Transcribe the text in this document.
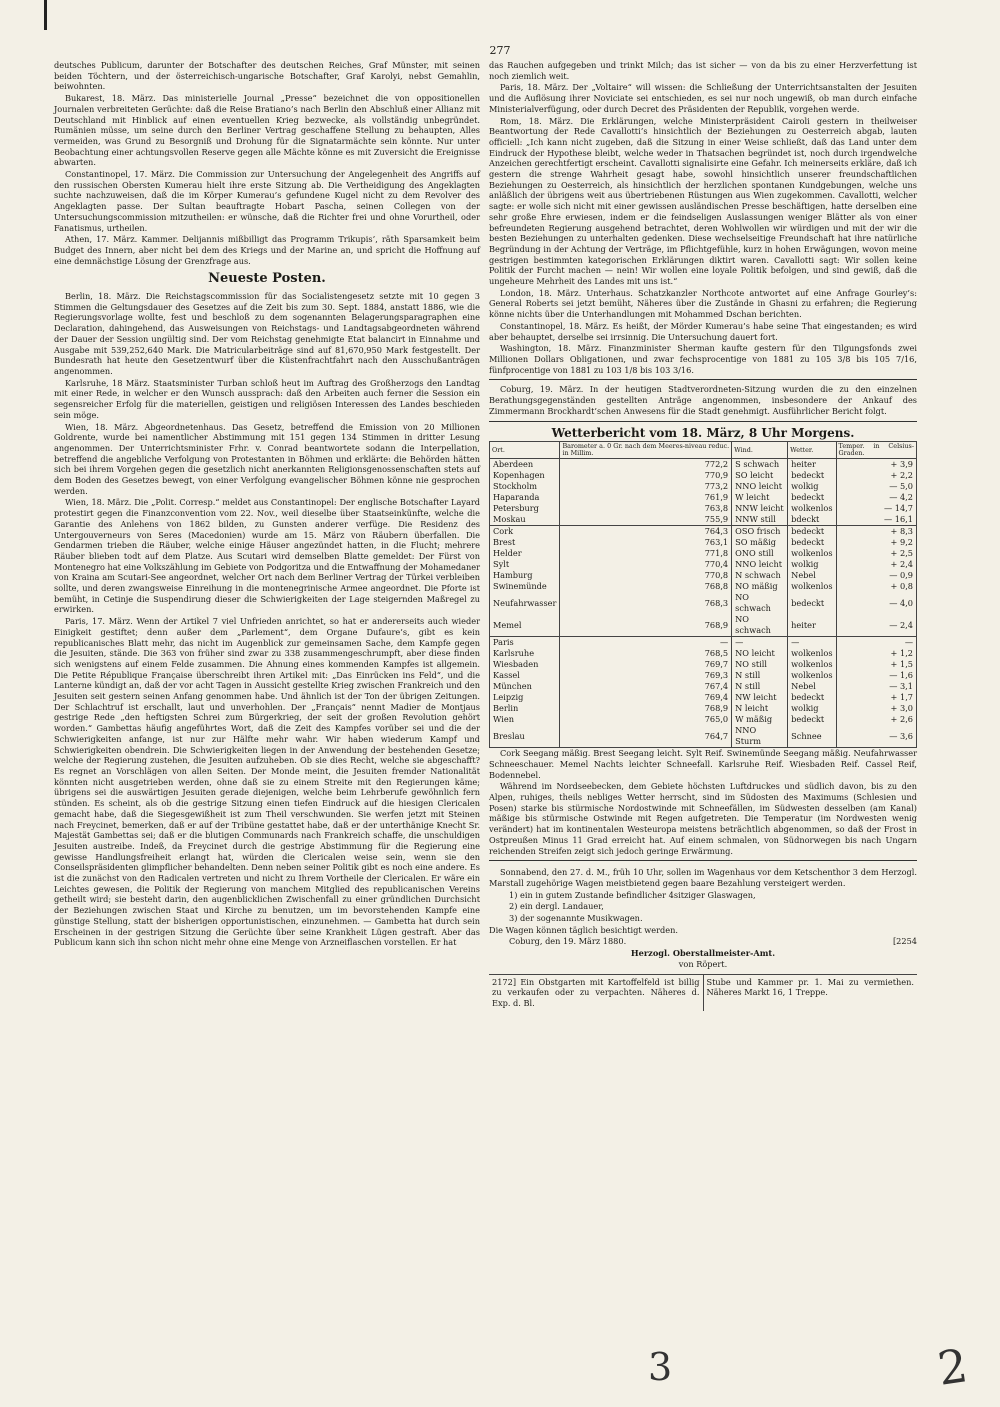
277

deutsches Publicum, darunter der Botschafter des deutschen Reiches, Graf Münster, mit seinen beiden Töchtern, und der österreichisch-ungarische Botschafter, Graf Karolyi, nebst Gemahlin, beiwohnten.

Bukarest, 18. März. Das ministerielle Journal „Presse“ bezeichnet die von oppositionellen Journalen verbreiteten Gerüchte: daß die Reise Bratiano’s nach Berlin den Abschluß einer Allianz mit Deutschland mit Hinblick auf einen eventuellen Krieg bezwecke, als vollständig unbegründet. Rumänien müsse, um seine durch den Berliner Vertrag geschaffene Stellung zu behaupten, Alles vermeiden, was Grund zu Besorgniß und Drohung für die Signatarmächte sein könnte. Nur unter Beobachtung einer achtungsvollen Reserve gegen alle Mächte könne es mit Zuversicht die Ereignisse abwarten.

Constantinopel, 17. März. Die Commission zur Untersuchung der Angelegenheit des Angriffs auf den russischen Obersten Kumerau hielt ihre erste Sitzung ab. Die Vertheidigung des Angeklagten suchte nachzuweisen, daß die im Körper Kumerau’s gefundene Kugel nicht zu dem Revolver des Angeklagten passe. Der Sultan beauftragte Hobart Pascha, seinen Collegen von der Untersuchungscommission mitzutheilen: er wünsche, daß die Richter frei und ohne Vorurtheil, oder Fanatismus, urtheilen.

Athen, 17. März. Kammer. Delijannis mißbilligt das Programm Trikupis’, räth Sparsamkeit beim Budget des Innern, aber nicht bei dem des Kriegs und der Marine an, und spricht die Hoffnung auf eine demnächstige Lösung der Grenzfrage aus.

Neueste Posten.

Berlin, 18. März. Die Reichstagscommission für das Socialistengesetz setzte mit 10 gegen 3 Stimmen die Geltungsdauer des Gesetzes auf die Zeit bis zum 30. Sept. 1884, anstatt 1886, wie die Regierungsvorlage wollte, fest und beschloß zu dem sogenannten Belagerungsparagraphen eine Declaration, dahingehend, das Ausweisungen von Reichstags- und Landtagsabgeordneten während der Dauer der Session ungültig sind. Der vom Reichstag genehmigte Etat balancirt in Einnahme und Ausgabe mit 539,252,640 Mark. Die Matricularbeiträge sind auf 81,670,950 Mark festgestellt. Der Bundesrath hat heute den Gesetzentwurf über die Küstenfrachtfahrt nach den Ausschußanträgen angenommen.

Karlsruhe, 18 März. Staatsminister Turban schloß heut im Auftrag des Großherzogs den Landtag mit einer Rede, in welcher er den Wunsch aussprach: daß den Arbeiten auch ferner die Session ein segensreicher Erfolg für die materiellen, geistigen und religiösen Interessen des Landes beschieden sein möge.

Wien, 18. März. Abgeordnetenhaus. Das Gesetz, betreffend die Emission von 20 Millionen Goldrente, wurde bei namentlicher Abstimmung mit 151 gegen 134 Stimmen in dritter Lesung angenommen. Der Unterrichtsminister Frhr. v. Conrad beantwortete sodann die Interpellation, betreffend die angebliche Verfolgung von Protestanten in Böhmen und erklärte: die Behörden hätten sich bei ihrem Vorgehen gegen die gesetzlich nicht anerkannten Religionsgenossenschaften stets auf dem Boden des Gesetzes bewegt, von einer Verfolgung evangelischer Böhmen könne nie gesprochen werden.

Wien, 18. März. Die „Polit. Corresp.“ meldet aus Constantinopel: Der englische Botschafter Layard protestirt gegen die Finanzconvention vom 22. Nov., weil dieselbe über Staatseinkünfte, welche die Garantie des Anlehens von 1862 bilden, zu Gunsten anderer verfüge. Die Residenz des Untergouverneurs von Seres (Macedonien) wurde am 15. März von Räubern überfallen. Die Gendarmen trieben die Räuber, welche einige Häuser angezündet hatten, in die Flucht; mehrere Räuber blieben todt auf dem Platze. Aus Scutari wird demselben Blatte gemeldet: Der Fürst von Montenegro hat eine Volkszählung im Gebiete von Podgoritza und die Entwaffnung der Mohamedaner von Kraina am Scutari-See angeordnet, welcher Ort nach dem Berliner Vertrag der Türkei verbleiben sollte, und deren zwangsweise Einreihung in die montenegrinische Armee angeordnet. Die Pforte ist bemüht, in Cetinje die Suspendirung dieser die Schwierigkeiten der Lage steigernden Maßregel zu erwirken.

Paris, 17. März. Wenn der Artikel 7 viel Unfrieden anrichtet, so hat er andererseits auch wieder Einigkeit gestiftet; denn außer dem „Parlement“, dem Organe Dufaure’s, gibt es kein republicanisches Blatt mehr, das nicht im Augenblick zur gemeinsamen Sache, dem Kampfe gegen die Jesuiten, stände. Die 363 von früher sind zwar zu 338 zusammengeschrumpft, aber diese finden sich wenigstens auf einem Felde zusammen. Die Ahnung eines kommenden Kampfes ist allgemein. Die Petite République Française überschreibt ihren Artikel mit: „Das Einrücken ins Feld“, und die Lanterne kündigt an, daß der vor acht Tagen in Aussicht gestellte Krieg zwischen Frankreich und den Jesuiten seit gestern seinen Anfang genommen habe. Und ähnlich ist der Ton der übrigen Zeitungen. Der Schlachtruf ist erschallt, laut und unverhohlen. Der „Français“ nennt Madier de Montjaus gestrige Rede „den heftigsten Schrei zum Bürgerkrieg, der seit der großen Revolution gehört worden.“ Gambettas häufig angeführtes Wort, daß die Zeit des Kampfes vorüber sei und die der Schwierigkeiten anfange, ist nur zur Hälfte mehr wahr. Wir haben wiederum Kampf und Schwierigkeiten obendrein. Die Schwierigkeiten liegen in der Anwendung der bestehenden Gesetze; welche der Regierung zustehen, die Jesuiten aufzuheben. Ob sie dies Recht, welche sie abgeschafft? Es regnet an Vorschlägen von allen Seiten. Der Monde meint, die Jesuiten fremder Nationalität könnten nicht ausgetrieben werden, ohne daß sie zu einem Streite mit den Regierungen käme; übrigens sei die auswärtigen Jesuiten gerade diejenigen, welche beim Lehrberufe gewöhnlich fern stünden. Es scheint, als ob die gestrige Sitzung einen tiefen Eindruck auf die hiesigen Clericalen gemacht habe, daß die Siegesgewißheit ist zum Theil verschwunden. Sie werfen jetzt mit Steinen nach Freycinet, bemerken, daß er auf der Tribüne gestattet habe, daß er der unterthänige Knecht Sr. Majestät Gambettas sei; daß er die blutigen Communards nach Frankreich schaffe, die unschuldigen Jesuiten austreibe. Indeß, da Freycinet durch die gestrige Abstimmung für die Regierung eine gewisse Handlungsfreiheit erlangt hat, würden die Clericalen weise sein, wenn sie den Conseilspräsidenten glimpflicher behandelten. Denn neben seiner Politik gibt es noch eine andere. Es ist die zunächst von den Radicalen vertreten und nicht zu Ihrem Vortheile der Clericalen. Er wäre ein Leichtes gewesen, die Politik der Regierung von manchem Mitglied des republicanischen Vereins getheilt wird; sie besteht darin, den augenblicklichen Zwischenfall zu einer gründlichen Durchsicht der Beziehungen zwischen Staat und Kirche zu benutzen, um im bevorstehenden Kampfe eine günstige Stellung, statt der bisherigen opportunistischen, einzunehmen. — Gambetta hat durch sein Erscheinen in der gestrigen Sitzung die Gerüchte über seine Krankheit Lügen gestraft. Aber das Publicum kann sich ihn schon nicht mehr ohne eine Menge von Arzneiflaschen vorstellen. Er hat

das Rauchen aufgegeben und trinkt Milch; das ist sicher — von da bis zu einer Herzverfettung ist noch ziemlich weit.

Paris, 18. März. Der „Voltaire“ will wissen: die Schließung der Unterrichtsanstalten der Jesuiten und die Auflösung ihrer Noviciate sei entschieden, es sei nur noch ungewiß, ob man durch einfache Ministerialverfügung, oder durch Decret des Präsidenten der Republik, vorgehen werde.

Rom, 18. März. Die Erklärungen, welche Ministerpräsident Cairoli gestern in theilweiser Beantwortung der Rede Cavallotti’s hinsichtlich der Beziehungen zu Oesterreich abgab, lauten officiell: „Ich kann nicht zugeben, daß die Sitzung in einer Weise schließt, daß das Land unter dem Eindruck der Hypothese bleibt, welche weder in Thatsachen begründet ist, noch durch irgendwelche Anzeichen gerechtfertigt erscheint. Cavallotti signalisirte eine Gefahr. Ich meinerseits erkläre, daß ich gestern die strenge Wahrheit gesagt habe, sowohl hinsichtlich unserer freundschaftlichen Beziehungen zu Oesterreich, als hinsichtlich der herzlichen spontanen Kundgebungen, welche uns anläßlich der übrigens weit aus übertriebenen Rüstungen aus Wien zugekommen. Cavallotti, welcher sagte: er wolle sich nicht mit einer gewissen ausländischen Presse beschäftigen, hatte derselben eine sehr große Ehre erwiesen, indem er die feindseligen Auslassungen weniger Blätter als von einer befreundeten Regierung ausgehend betrachtet, deren Wohlwollen wir würdigen und mit der wir die besten Beziehungen zu unterhalten gedenken. Diese wechselseitige Freundschaft hat ihre natürliche Begründung in der Achtung der Verträge, im Pflichtgefühle, kurz in hohen Erwägungen, wovon meine gestrigen bestimmten kategorischen Erklärungen diktirt waren. Cavallotti sagt: Wir sollen keine Politik der Furcht machen — nein! Wir wollen eine loyale Politik befolgen, und sind gewiß, daß die ungeheure Mehrheit des Landes mit uns ist.“

London, 18. März. Unterhaus. Schatzkanzler Northcote antwortet auf eine Anfrage Gourley’s: General Roberts sei jetzt bemüht, Näheres über die Zustände in Ghasni zu erfahren; die Regierung könne nichts über die Unterhandlungen mit Mohammed Dschan berichten.

Constantinopel, 18. März. Es heißt, der Mörder Kumerau’s habe seine That eingestanden; es wird aber behauptet, derselbe sei irrsinnig. Die Untersuchung dauert fort.

Washington, 18. März. Finanzminister Sherman kaufte gestern für den Tilgungsfonds zwei Millionen Dollars Obligationen, und zwar fechsprocentige von 1881 zu 105 3/8 bis 105 7/16, fünfprocentige von 1881 zu 103 1/8 bis 103 3/16.

Coburg, 19. März. In der heutigen Stadtverordneten-Sitzung wurden die zu den einzelnen Berathungsgegenständen gestellten Anträge angenommen, insbesondere der Ankauf des Zimmermann Brockhardt’schen Anwesens für die Stadt genehmigt. Ausführlicher Bericht folgt.

Wetterbericht vom 18. März, 8 Uhr Morgens.
Ort.	Barometer a. 0 Gr. nach dem Meeres-niveau reduc. in Millim.	Wind.	Wetter.	Temper. in Celsius-Graden.
Aberdeen	772,2	S schwach	heiter	+ 3,9
Kopenhagen	770,9	SO leicht	bedeckt	+ 2,2
Stockholm	773,2	NNO leicht	wolkig	— 5,0
Haparanda	761,9	W leicht	bedeckt	— 4,2
Petersburg	763,8	NNW leicht	wolkenlos	— 14,7
Moskau	755,9	NNW still	bdeckt	— 16,1
Cork	764,3	OSO frisch	bedeckt	+ 8,3
Brest	763,1	SO mäßig	bedeckt	+ 9,2
Helder	771,8	ONO still	wolkenlos	+ 2,5
Sylt	770,4	NNO leicht	wolkig	+ 2,4
Hamburg	770,8	N schwach	Nebel	— 0,9
Swinemünde	768,8	NO mäßig	wolkenlos	+ 0,8
Neufahrwasser	768,3	NO schwach	bedeckt	— 4,0
Memel	768,9	NO schwach	heiter	— 2,4
Paris	—	—	—	—
Karlsruhe	768,5	NO leicht	wolkenlos	+ 1,2
Wiesbaden	769,7	NO still	wolkenlos	+ 1,5
Kassel	769,3	N still	wolkenlos	— 1,6
München	767,4	N still	Nebel	— 3,1
Leipzig	769,4	NW leicht	bedeckt	+ 1,7
Berlin	768,9	N leicht	wolkig	+ 3,0
Wien	765,0	W mäßig	bedeckt	+ 2,6
Breslau	764,7	NNO Sturm	Schnee	— 3,6

Cork Seegang mäßig. Brest Seegang leicht. Sylt Reif. Swinemünde Seegang mäßig. Neufahrwasser Schneeschauer. Memel Nachts leichter Schneefall. Karlsruhe Reif. Wiesbaden Reif. Cassel Reif, Bodennebel.

Während im Nordseebecken, dem Gebiete höchsten Luftdruckes und südlich davon, bis zu den Alpen, ruhiges, theils nebliges Wetter herrscht, sind im Südosten des Maximums (Schlesien und Posen) starke bis stürmische Nordostwinde mit Schneefällen, im Südwesten desselben (am Kanal) mäßige bis stürmische Ostwinde mit Regen aufgetreten. Die Temperatur (im Nordwesten wenig verändert) hat im kontinentalen Westeuropa meistens beträchtlich abgenommen, so daß der Frost in Ostpreußen Minus 11 Grad erreicht hat. Auf einem schmalen, von Südnorwegen bis nach Ungarn reichenden Streifen zeigt sich jedoch geringe Erwärmung.

Sonnabend, den 27. d. M., früh 10 Uhr, sollen im Wagenhaus vor dem Ketschenthor 3 dem Herzogl. Marstall zugehörige Wagen meistbietend gegen baare Bezahlung versteigert werden.

1) ein in gutem Zustande befindlicher 4sitziger Glaswagen,

2) ein dergl. Landauer,

3) der sogenannte Musikwagen.

Die Wagen können täglich besichtigt werden.

Coburg, den 19. März 1880.	[2254

Herzogl. Oberstallmeister-Amt.
von Röpert.
2172] Ein Obstgarten mit Kartoffelfeld ist billig zu verkaufen oder zu verpachten. Näheres d. Exp. d. Bl.
Stube und Kammer pr. 1. Mai zu vermiethen. Näheres Markt 16, 1 Treppe.
2
3
